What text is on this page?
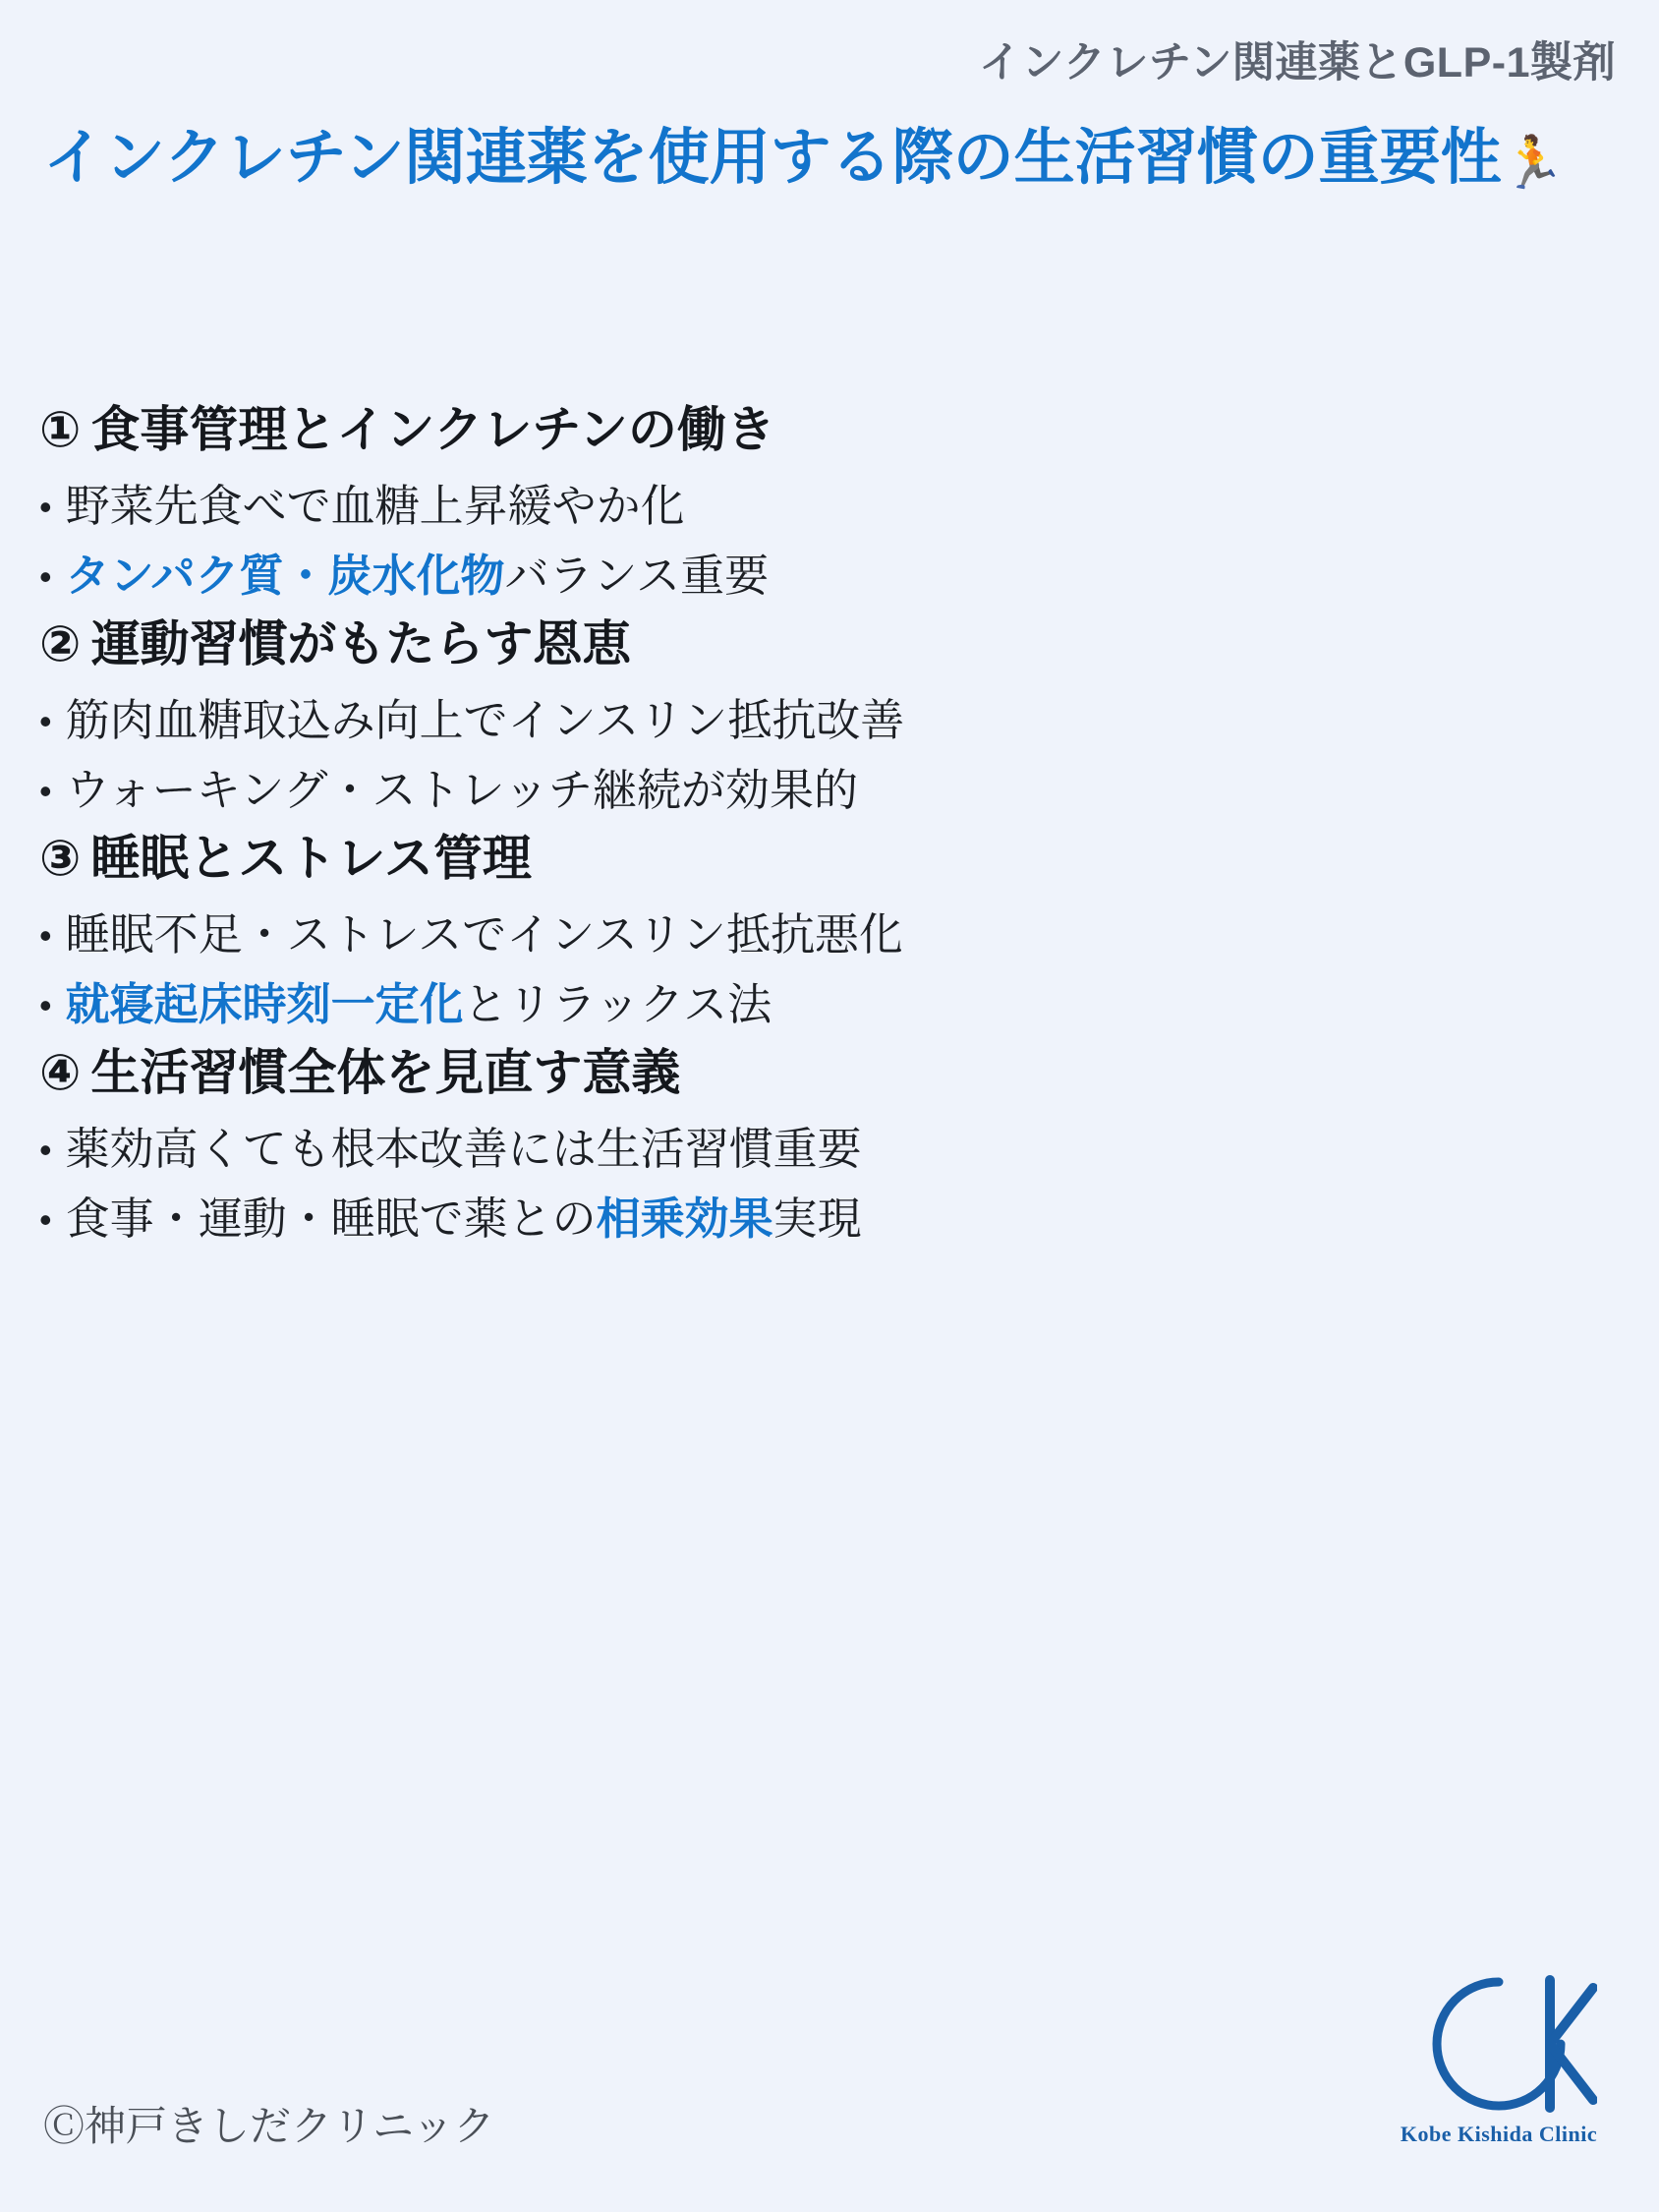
インクレチン関連薬とGLP-1製剤
インクレチン関連薬を使用する際の生活習慣の重要性🏃
① 食事管理とインクレチンの働き
• 野菜先食べで血糖上昇緩やか化
• タンパク質・炭水化物バランス重要
② 運動習慣がもたらす恩恵
• 筋肉血糖取込み向上でインスリン抵抗改善
• ウォーキング・ストレッチ継続が効果的
③ 睡眠とストレス管理
• 睡眠不足・ストレスでインスリン抵抗悪化
• 就寝起床時刻一定化とリラックス法
④ 生活習慣全体を見直す意義
• 薬効高くても根本改善には生活習慣重要
• 食事・運動・睡眠で薬との相乗効果実現
Ⓒ神戸きしだクリニック	Kobe Kishida Clinic
